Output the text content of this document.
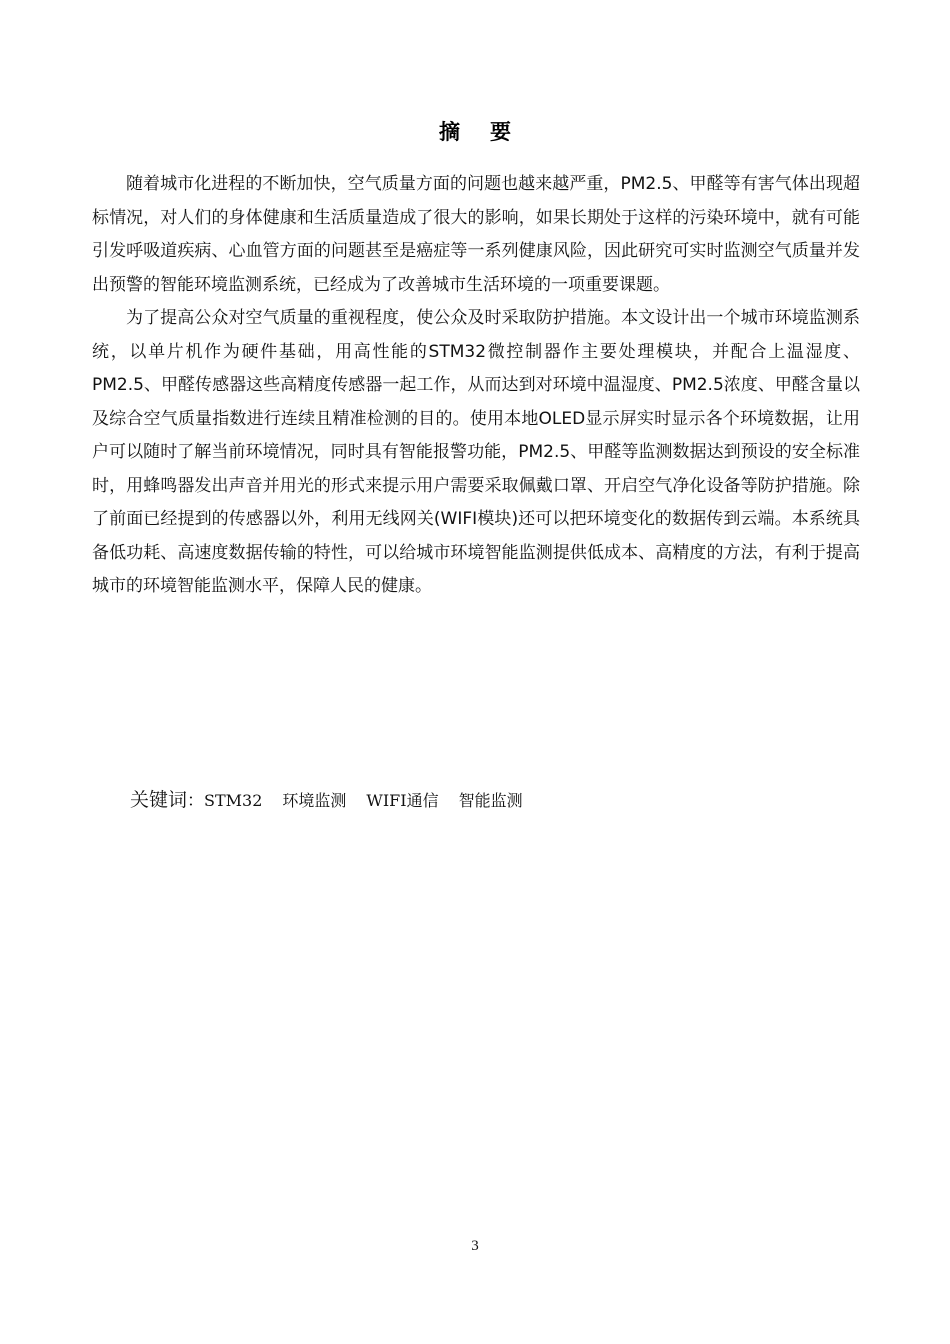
摘要

随着城市化进程的不断加快，空气质量方面的问题也越来越严重，PM2.5、甲醛等有害气体出现超标情况，对人们的身体健康和生活质量造成了很大的影响，如果长期处于这样的污染环境中，就有可能引发呼吸道疾病、心血管方面的问题甚至是癌症等一系列健康风险，因此研究可实时监测空气质量并发出预警的智能环境监测系统，已经成为了改善城市生活环境的一项重要课题。

为了提高公众对空气质量的重视程度，使公众及时采取防护措施。本文设计出一个城市环境监测系统，以单片机作为硬件基础，用高性能的STM32微控制器作主要处理模块，并配合上温湿度、PM2.5、甲醛传感器这些高精度传感器一起工作，从而达到对环境中温湿度、PM2.5浓度、甲醛含量以及综合空气质量指数进行连续且精准检测的目的。使用本地OLED显示屏实时显示各个环境数据，让用户可以随时了解当前环境情况，同时具有智能报警功能，PM2.5、甲醛等监测数据达到预设的安全标准时，用蜂鸣器发出声音并用光的形式来提示用户需要采取佩戴口罩、开启空气净化设备等防护措施。除了前面已经提到的传感器以外，利用无线网关(WIFI模块)还可以把环境变化的数据传到云端。本系统具备低功耗、高速度数据传输的特性，可以给城市环境智能监测提供低成本、高精度的方法，有利于提高城市的环境智能监测水平，保障人民的健康。

关键词：STM32 环境监测 WIFI通信 智能监测
3
